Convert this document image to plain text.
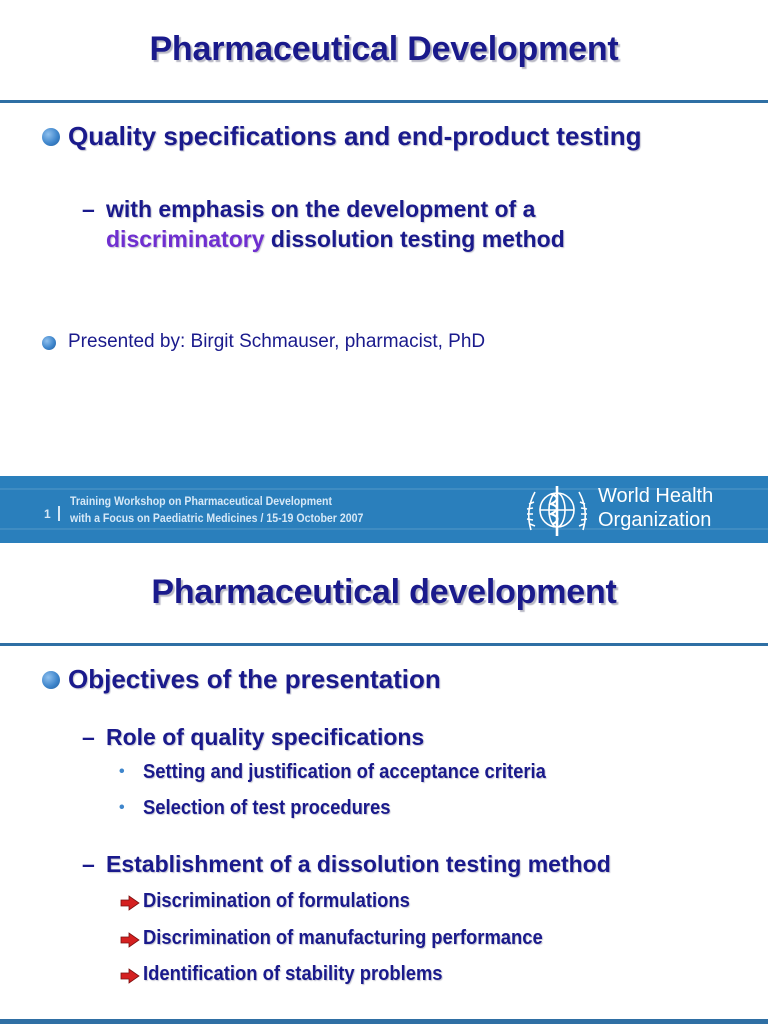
Pharmaceutical Development
Quality specifications and end-product testing
– with emphasis on the development of a
discriminatory dissolution testing method
Presented by: Birgit Schmauser, pharmacist, PhD
1
Training Workshop on Pharmaceutical Development
with a Focus on Paediatric Medicines / 15-19 October 2007
World Health
Organization
Pharmaceutical development
Objectives of the presentation
– Role of quality specifications
• Setting and justification of acceptance criteria
• Selection of test procedures
– Establishment of a dissolution testing method
Discrimination of formulations
Discrimination of manufacturing performance
Identification of stability problems
